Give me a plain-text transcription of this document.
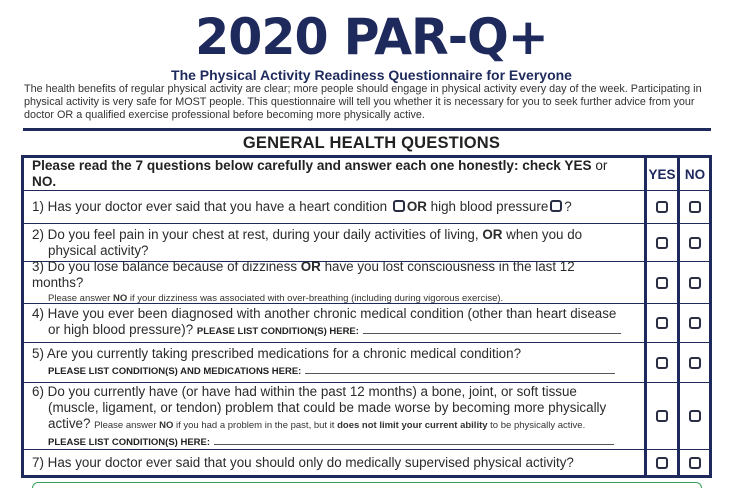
2020 PAR-Q+
The Physical Activity Readiness Questionnaire for Everyone
The health benefits of regular physical activity are clear; more people should engage in physical activity every day of the week. Participating in physical activity is very safe for MOST people. This questionnaire will tell you whether it is necessary for you to seek further advice from your doctor OR a qualified exercise professional before becoming more physically active.
GENERAL HEALTH QUESTIONS
Please read the 7 questions below carefully and answer each one honestly: check YES or NO.	YES NO
1) Has your doctor ever said that you have a heart condition OR high blood pressure ?
2) Do you feel pain in your chest at rest, during your daily activities of living, OR when you do
physical activity?
3) Do you lose balance because of dizziness OR have you lost consciousness in the last 12 months?
Please answer NO if your dizziness was associated with over-breathing (including during vigorous exercise).
4) Have you ever been diagnosed with another chronic medical condition (other than heart disease
or high blood pressure)? PLEASE LIST CONDITION(S) HERE:
5) Are you currently taking prescribed medications for a chronic medical condition?
PLEASE LIST CONDITION(S) AND MEDICATIONS HERE:
6) Do you currently have (or have had within the past 12 months) a bone, joint, or soft tissue
(muscle, ligament, or tendon) problem that could be made worse by becoming more physically
active? Please answer NO if you had a problem in the past, but it does not limit your current ability to be physically active.
PLEASE LIST CONDITION(S) HERE:
7) Has your doctor ever said that you should only do medically supervised physical activity?
